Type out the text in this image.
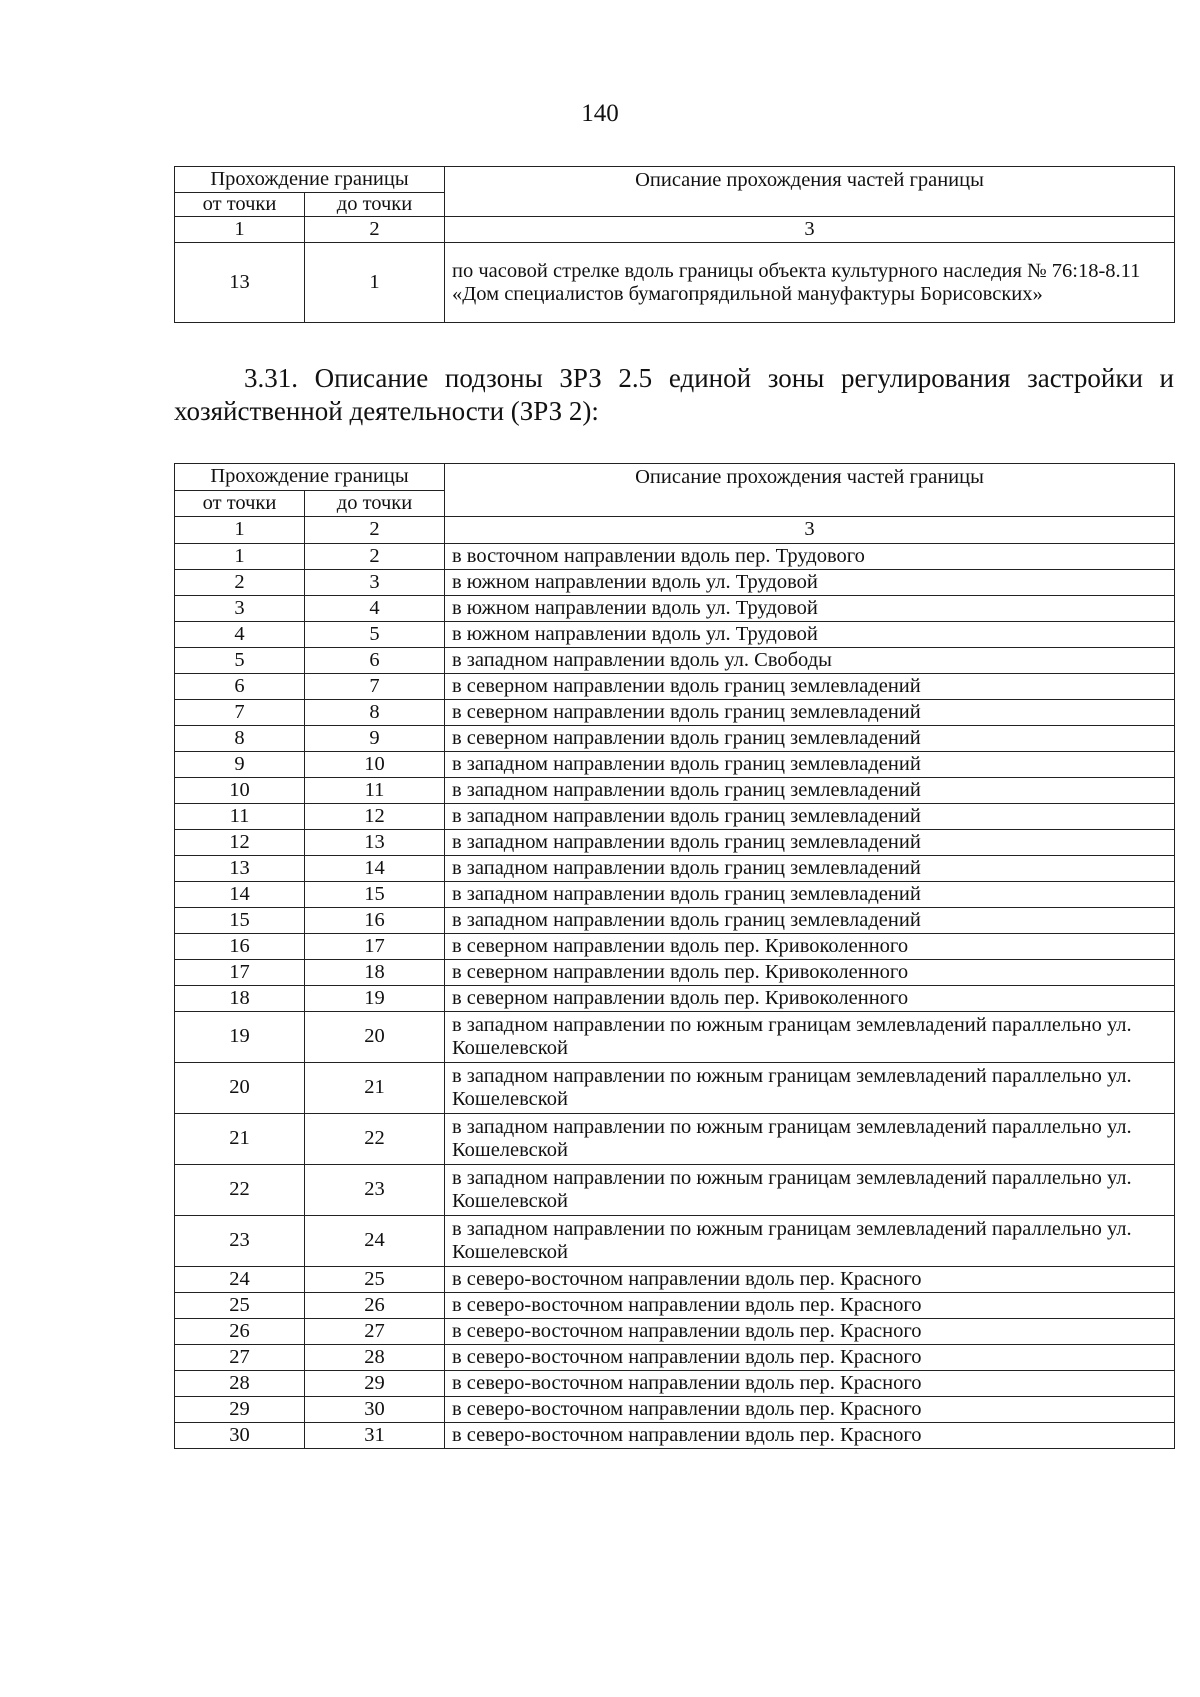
140
Прохождение границы		Описание прохождения частей границы
от точки	до точки	
1	2	3
13	1	по часовой стрелке вдоль границы объекта культурного наследия № 76:18-8.11 «Дом специалистов бумагопрядильной мануфактуры Борисовских»
3.31. Описание подзоны ЗРЗ 2.5 единой зоны регулирования застройки и хозяйственной деятельности (ЗРЗ 2):
Прохождение границы		Описание прохождения частей границы
от точки	до точки	
1	2	3
1	2	в восточном направлении вдоль пер. Трудового
2	3	в южном направлении вдоль ул. Трудовой
3	4	в южном направлении вдоль ул. Трудовой
4	5	в южном направлении вдоль ул. Трудовой
5	6	в западном направлении вдоль ул. Свободы
6	7	в северном направлении вдоль границ землевладений
7	8	в северном направлении вдоль границ землевладений
8	9	в северном направлении вдоль границ землевладений
9	10	в западном направлении вдоль границ землевладений
10	11	в западном направлении вдоль границ землевладений
11	12	в западном направлении вдоль границ землевладений
12	13	в западном направлении вдоль границ землевладений
13	14	в западном направлении вдоль границ землевладений
14	15	в западном направлении вдоль границ землевладений
15	16	в западном направлении вдоль границ землевладений
16	17	в северном направлении вдоль пер. Кривоколенного
17	18	в северном направлении вдоль пер. Кривоколенного
18	19	в северном направлении вдоль пер. Кривоколенного
19	20	в западном направлении по южным границам землевладений параллельно ул. Кошелевской
20	21	в западном направлении по южным границам землевладений параллельно ул. Кошелевской
21	22	в западном направлении по южным границам землевладений параллельно ул. Кошелевской
22	23	в западном направлении по южным границам землевладений параллельно ул. Кошелевской
23	24	в западном направлении по южным границам землевладений параллельно ул. Кошелевской
24	25	в северо-восточном направлении вдоль пер. Красного
25	26	в северо-восточном направлении вдоль пер. Красного
26	27	в северо-восточном направлении вдоль пер. Красного
27	28	в северо-восточном направлении вдоль пер. Красного
28	29	в северо-восточном направлении вдоль пер. Красного
29	30	в северо-восточном направлении вдоль пер. Красного
30	31	в северо-восточном направлении вдоль пер. Красного
